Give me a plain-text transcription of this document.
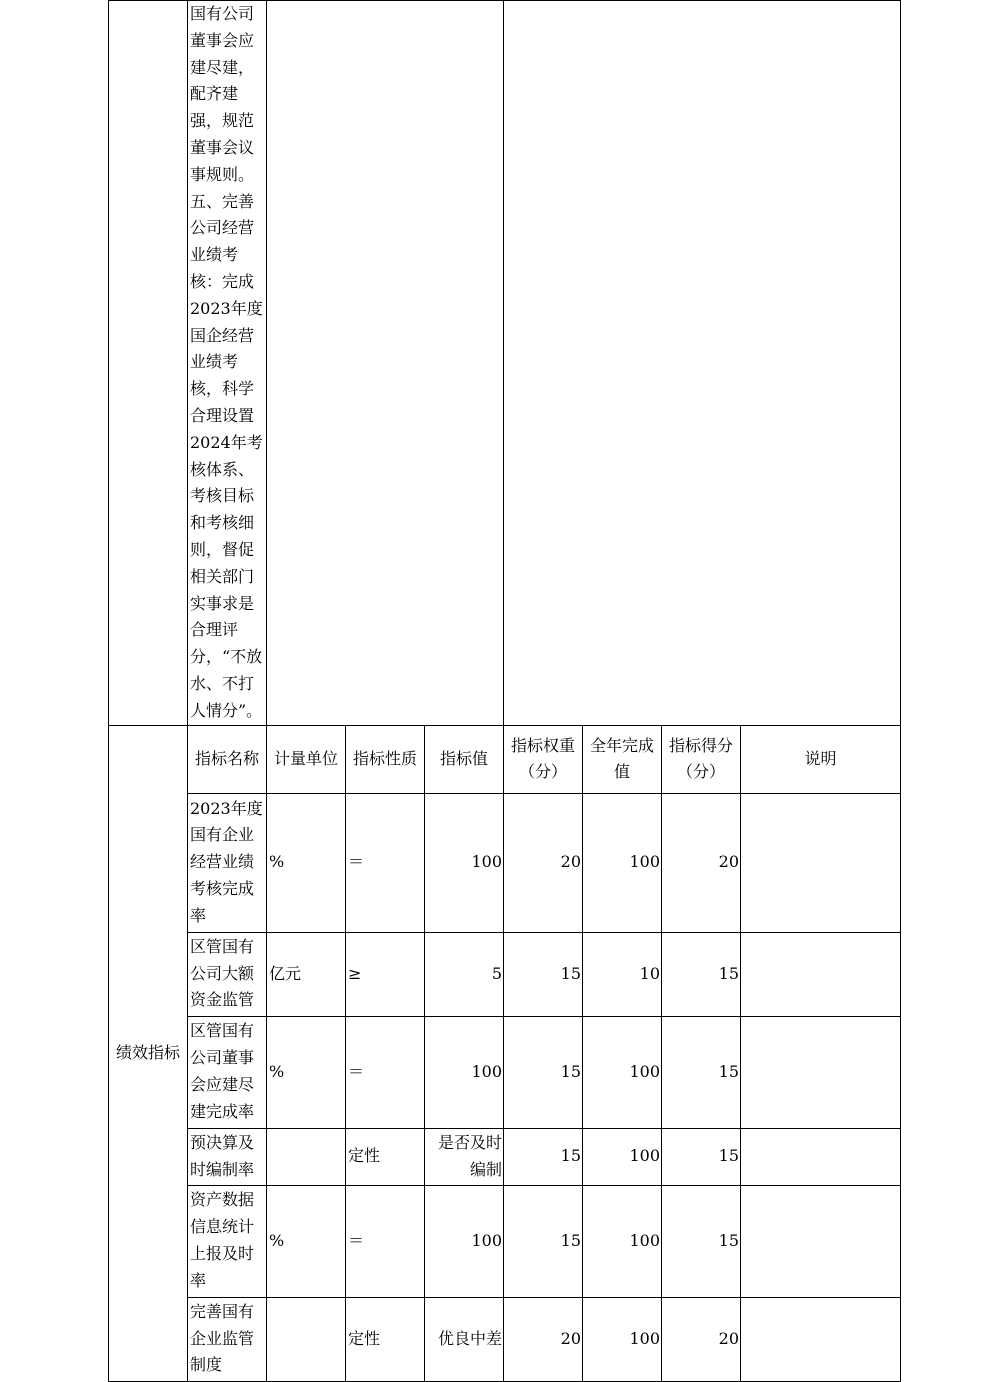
	国有公司董事会应建尽建，配齐建强，规范董事会议事规则。五、完善公司经营业绩考核：完成2023年度国企经营业绩考核，科学合理设置2024年考核体系、考核目标和考核细则，督促相关部门实事求是合理评分，“不放水、不打人情分”。							
绩效指标	指标名称	计量单位	指标性质	指标值	指标权重（分）	全年完成值	指标得分（分）	说明
	2023年度国有企业经营业绩考核完成率	%	＝	100	20	100	20	
	区管国有公司大额资金监管	亿元	≥	5	15	10	15	
	区管国有公司董事会应建尽建完成率	%	＝	100	15	100	15	
	预决算及时编制率		定性	是否及时编制	15	100	15	
	资产数据信息统计上报及时率	%	＝	100	15	100	15	
	完善国有企业监管制度		定性	优良中差	20	100	20	
